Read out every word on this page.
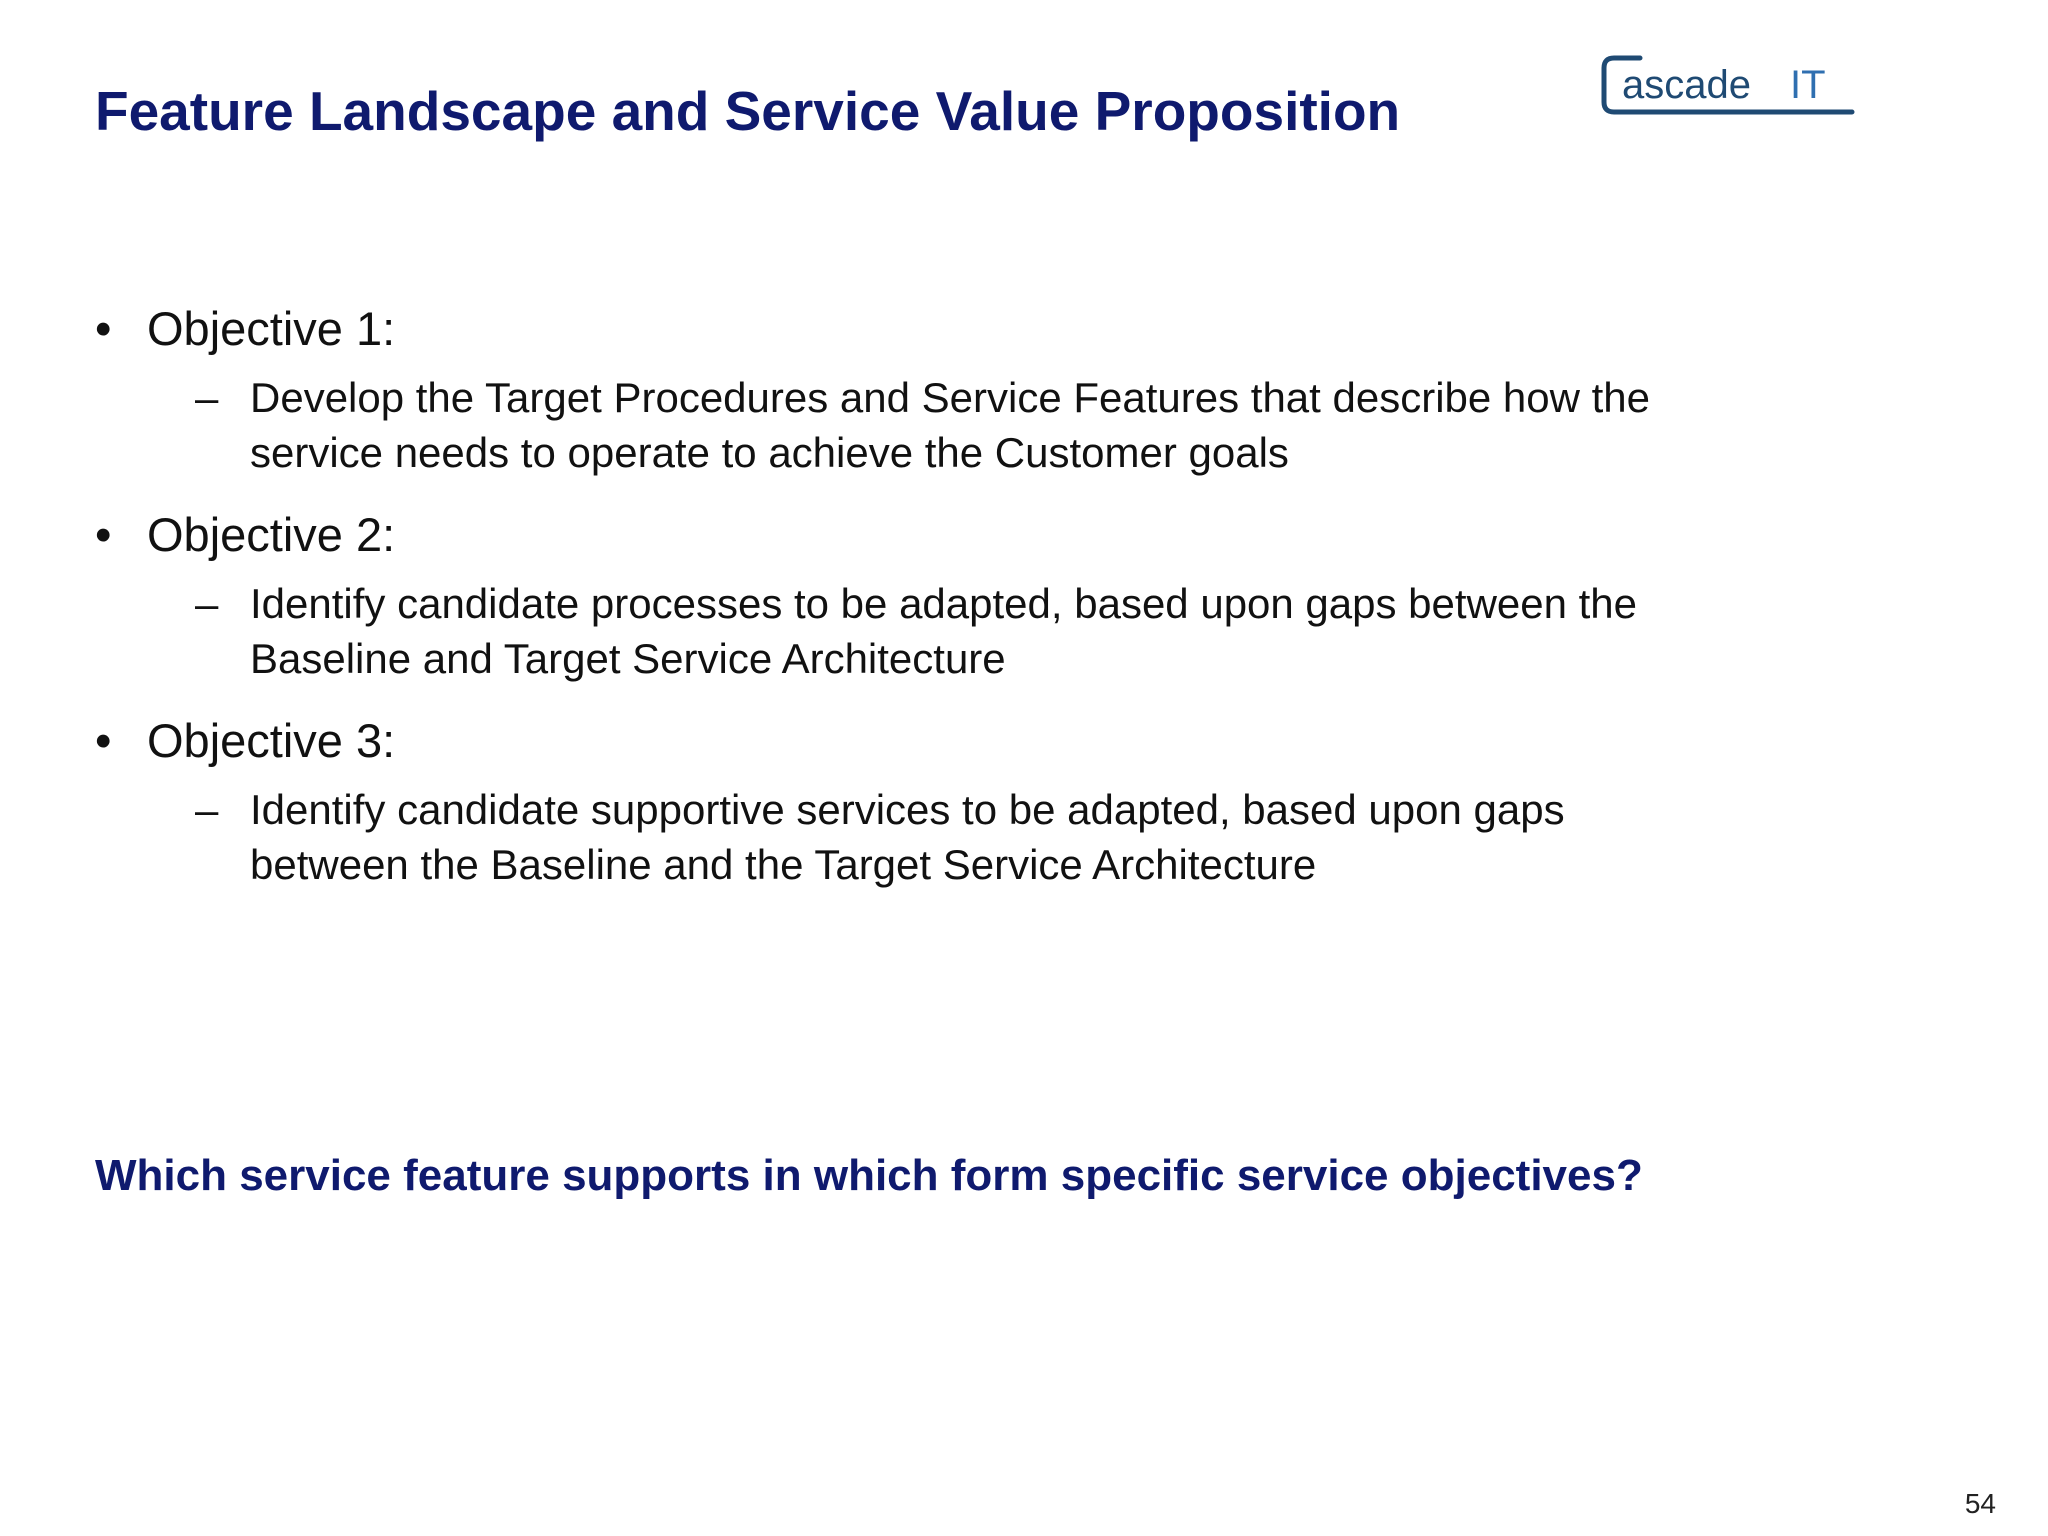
Feature Landscape and Service Value Proposition	ascade IT

• Objective 1:

– Develop the Target Procedures and Service Features that describe how the
service needs to operate to achieve the Customer goals

• Objective 2:

– Identify candidate processes to be adapted, based upon gaps between the
Baseline and Target Service Architecture

• Objective 3:

– Identify candidate supportive services to be adapted, based upon gaps
between the Baseline and the Target Service Architecture
Which service feature supports in which form specific service objectives?
54
